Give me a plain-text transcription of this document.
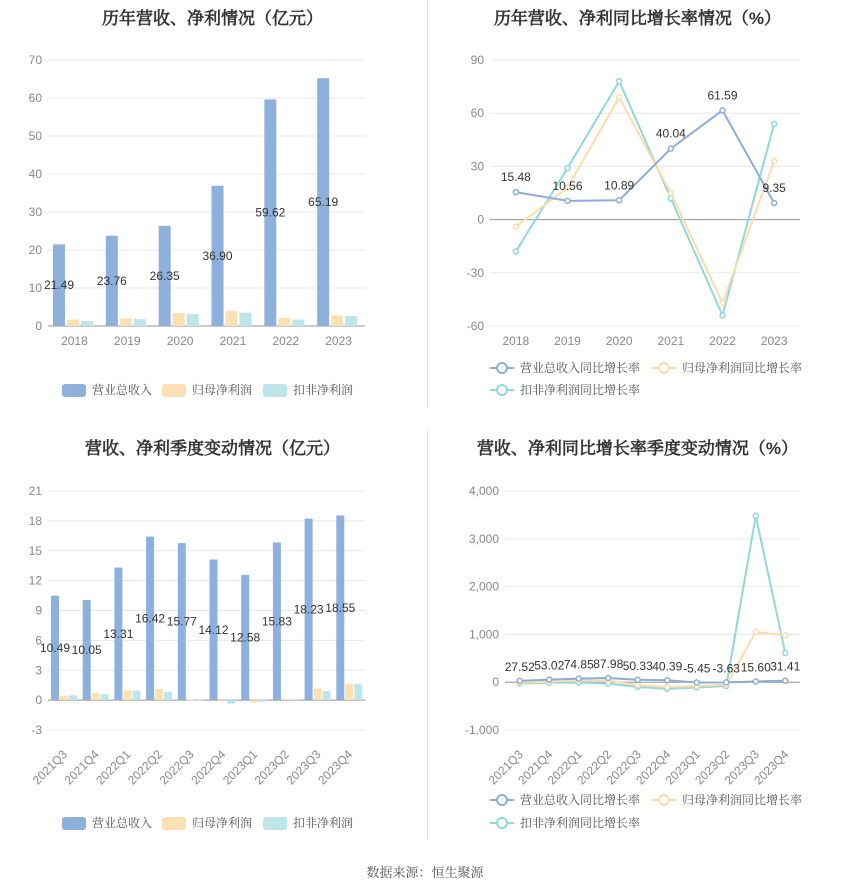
历年营收、净利情况（亿元）
0
10
20
30
40
50
60
70
2018 2019 2020 2021 2022 2023
21.49 23.76 26.35
36.90
59.62
65.19
营业总收入	归母净利润	扣非净利润
历年营收、净利同比增长率情况（%）
-60
-30
0
30
60
90
2018 2019 2020 2021 2022 2023
15.48
10.56 10.89
40.04
61.59
9.35
营业总收入同比增长率	归母净利润同比增长率
扣非净利润同比增长率
营收、净利季度变动情况（亿元）
-3
0
3
6
9
12
15
18
21
2021Q3
2021Q4
2022Q1
2022Q2
2022Q3
2022Q4
2023Q1
2023Q2
2023Q3
2023Q4
10.49 10.05
13.31
16.42 15.77
14.12
12.58
15.83
18.23 18.55
营业总收入	归母净利润	扣非净利润
营收、净利同比增长率季度变动情况（%）
-1,000
0
1,000
2,000
3,000
4,000
2021Q3
2021Q4
2022Q1
2022Q2
2022Q3
2022Q4
2023Q1
2023Q2
2023Q3
2023Q4
27.52 53.02 74.85 87.98 50.33 40.39 -5.45 -3.63 15.60 31.41
营业总收入同比增长率	归母净利润同比增长率
扣非净利润同比增长率
数据来源：恒生聚源
